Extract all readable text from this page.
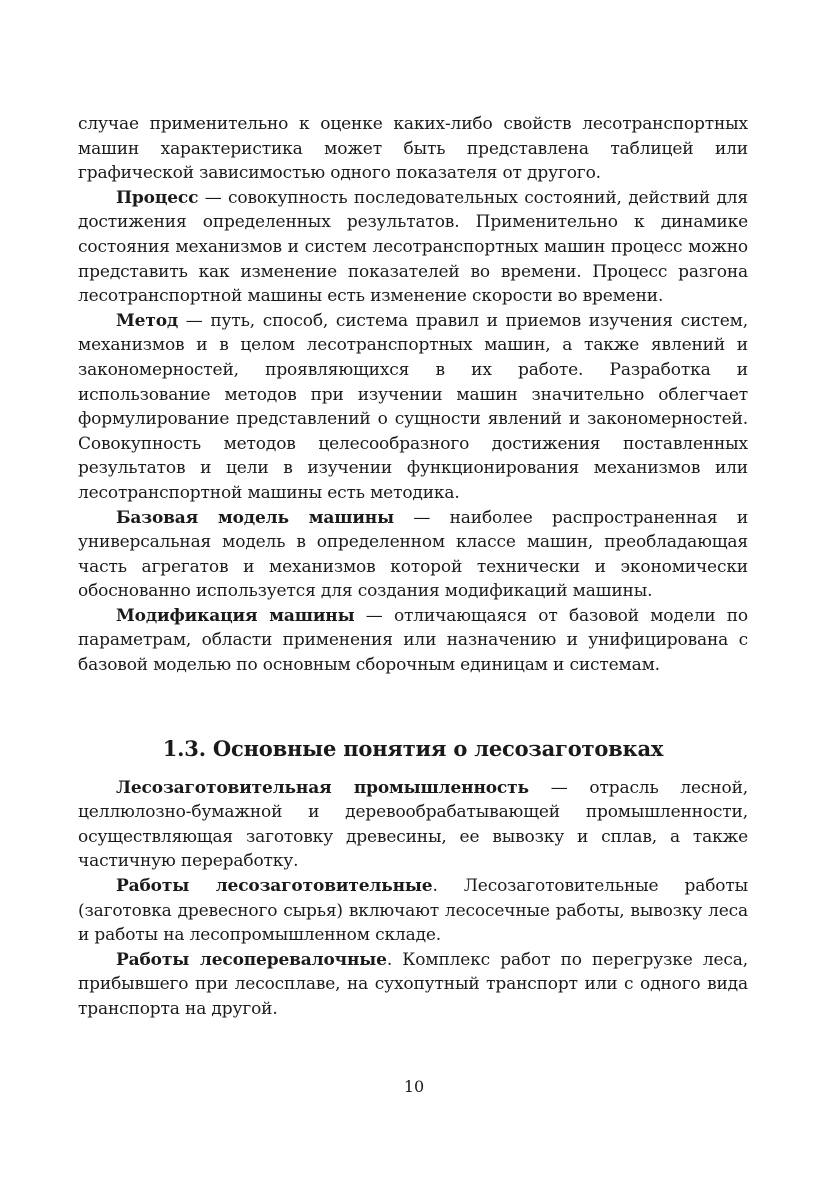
случае применительно к оценке каких-либо свойств лесотранспортных машин характеристика может быть представлена таблицей или графической зависимостью одного показателя от другого.

Процесс — совокупность последовательных состояний, действий для достижения определенных результатов. Применительно к динамике состояния механизмов и систем лесотранспортных машин процесс можно представить как изменение показателей во времени. Процесс разгона лесотранспортной машины есть изменение скорости во времени.

Метод — путь, способ, система правил и приемов изучения систем, механизмов и в целом лесотранспортных машин, а также явлений и закономерностей, проявляющихся в их работе. Разработка и использование методов при изучении машин значительно облегчает формулирование представлений о сущности явлений и закономерностей. Совокупность методов целесообразного достижения поставленных результатов и цели в изучении функционирования механизмов или лесотранспортной машины есть методика.

Базовая модель машины — наиболее распространенная и универсальная модель в определенном классе машин, преобладающая часть агрегатов и механизмов которой технически и экономически обоснованно используется для создания модификаций машины.

Модификация машины — отличающаяся от базовой модели по параметрам, области применения или назначению и унифицирована с базовой моделью по основным сборочным единицам и системам.

1.3. Основные понятия о лесозаготовках

Лесозаготовительная промышленность — отрасль лесной, целлюлозно-бумажной и деревообрабатывающей промышленности, осуществляющая заготовку древесины, ее вывозку и сплав, а также частичную переработку.

Работы лесозаготовительные. Лесозаготовительные работы (заготовка древесного сырья) включают лесосечные работы, вывозку леса и работы на лесопромышленном складе.

Работы лесоперевалочные. Комплекс работ по перегрузке леса, прибывшего при лесосплаве, на сухопутный транспорт или с одного вида транспорта на другой.

10
